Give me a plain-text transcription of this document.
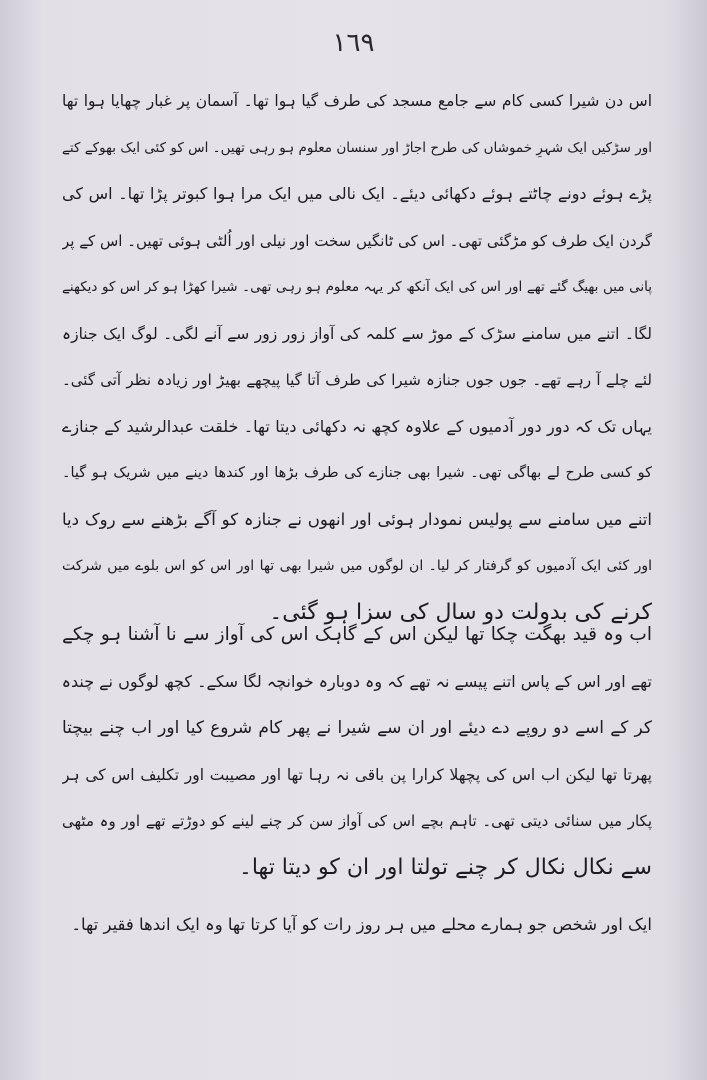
١٦٩
اس دن شیرا کسی کام سے جامع مسجد کی طرف گیا ہوا تھا۔ آسمان پر غبار چھایا ہوا تھا
اور سڑکیں ایک شہرِ خموشاں کی طرح اجاڑ اور سنسان معلوم ہو رہی تھیں۔ اس کو کئی ایک بھوکے کتے
پڑے ہوئے دونے چاٹتے ہوئے دکھائی دیئے۔ ایک نالی میں ایک مرا ہوا کبوتر پڑا تھا۔ اس کی
گردن ایک طرف کو مڑگئی تھی۔ اس کی ٹانگیں سخت اور نیلی اور اُلٹی ہوئی تھیں۔ اس کے پر
پانی میں بھیگ گئے تھے اور اس کی ایک آنکھ کر یہہ معلوم ہو رہی تھی۔ شیرا کھڑا ہو کر اس کو دیکھنے
لگا۔ اتنے میں سامنے سڑک کے موڑ سے کلمہ کی آواز زور زور سے آنے لگی۔ لوگ ایک جنازہ
لئے چلے آ رہے تھے۔ جوں جوں جنازہ شیرا کی طرف آتا گیا پیچھے بھیڑ اور زیادہ نظر آتی گئی۔
یہاں تک کہ دور دور آدمیوں کے علاوہ کچھ نہ دکھائی دیتا تھا۔ خلقت عبدالرشید کے جنازے
کو کسی طرح لے بھاگی تھی۔ شیرا بھی جنازے کی طرف بڑھا اور کندھا دینے میں شریک ہو گیا۔
اتنے میں سامنے سے پولیس نمودار ہوئی اور انھوں نے جنازہ کو آگے بڑھنے سے روک دیا
اور کئی ایک آدمیوں کو گرفتار کر لیا۔ ان لوگوں میں شیرا بھی تھا اور اس کو اس بلوے میں شرکت
کرنے کی بدولت دو سال کی سزا ہو گئی۔
اب وہ قید بھگت چکا تھا لیکن اس کے گاہک اس کی آواز سے نا آشنا ہو چکے
تھے اور اس کے پاس اتنے پیسے نہ تھے کہ وہ دوبارہ خوانچہ لگا سکے۔ کچھ لوگوں نے چندہ
کر کے اسے دو روپے دے دیئے اور ان سے شیرا نے پھر کام شروع کیا اور اب چنے بیچتا
پھرتا تھا لیکن اب اس کی پچھلا کرارا پن باقی نہ رہا تھا اور مصیبت اور تکلیف اس کی ہر
پکار میں سنائی دیتی تھی۔ تاہم بچے اس کی آواز سن کر چنے لینے کو دوڑتے تھے اور وہ مٹھی
سے نکال نکال کر چنے تولتا اور ان کو دیتا تھا۔
ایک اور شخص جو ہمارے محلے میں ہر روز رات کو آیا کرتا تھا وہ ایک اندھا فقیر تھا۔
